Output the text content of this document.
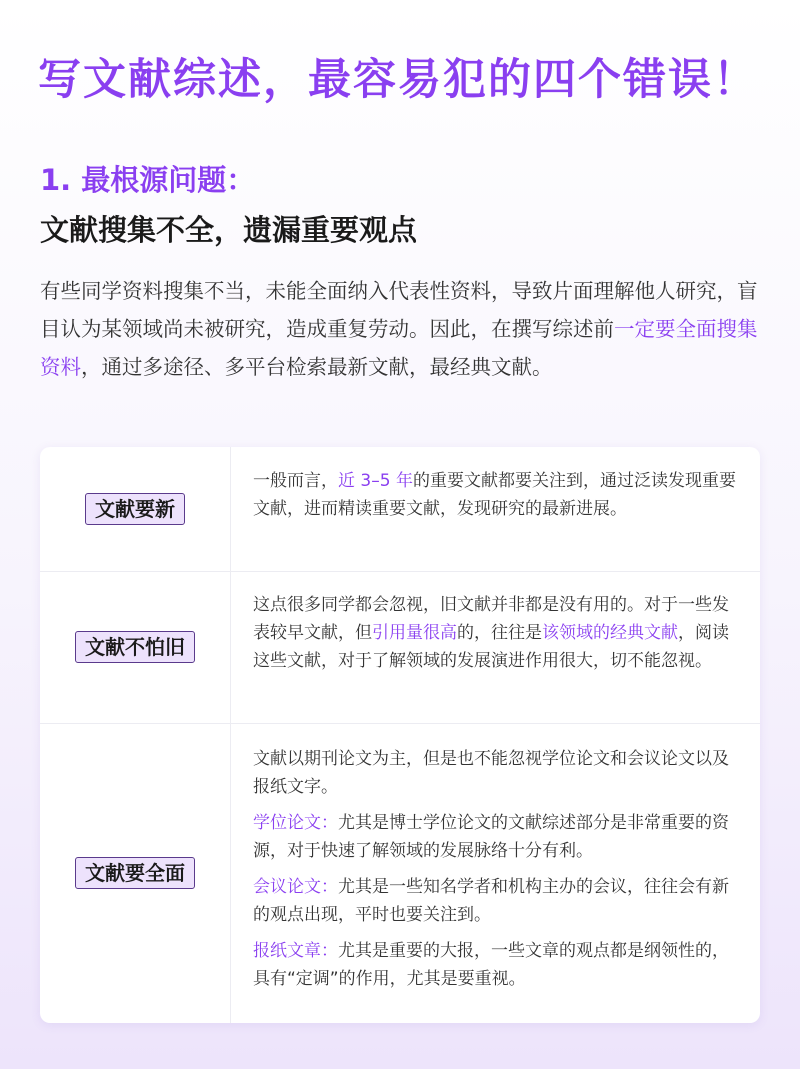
写文献综述，最容易犯的四个错误！
1. 最根源问题：
文献搜集不全，遗漏重要观点
有些同学资料搜集不当，未能全面纳入代表性资料，导致片面理解他人研究，盲目认为某领域尚未被研究，造成重复劳动。因此，在撰写综述前一定要全面搜集资料，通过多途径、多平台检索最新文献，最经典文献。
文献要新

一般而言，近 3–5 年的重要文献都要关注到，通过泛读发现重要文献，进而精读重要文献，发现研究的最新进展。

文献不怕旧

这点很多同学都会忽视，旧文献并非都是没有用的。对于一些发表较早文献，但引用量很高的，往往是该领域的经典文献，阅读这些文献，对于了解领域的发展演进作用很大，切不能忽视。

文献要全面

文献以期刊论文为主，但是也不能忽视学位论文和会议论文以及报纸文字。

学位论文：尤其是博士学位论文的文献综述部分是非常重要的资源，对于快速了解领域的发展脉络十分有利。

会议论文：尤其是一些知名学者和机构主办的会议，往往会有新的观点出现，平时也要关注到。

报纸文章：尤其是重要的大报，一些文章的观点都是纲领性的，具有“定调”的作用，尤其是要重视。
